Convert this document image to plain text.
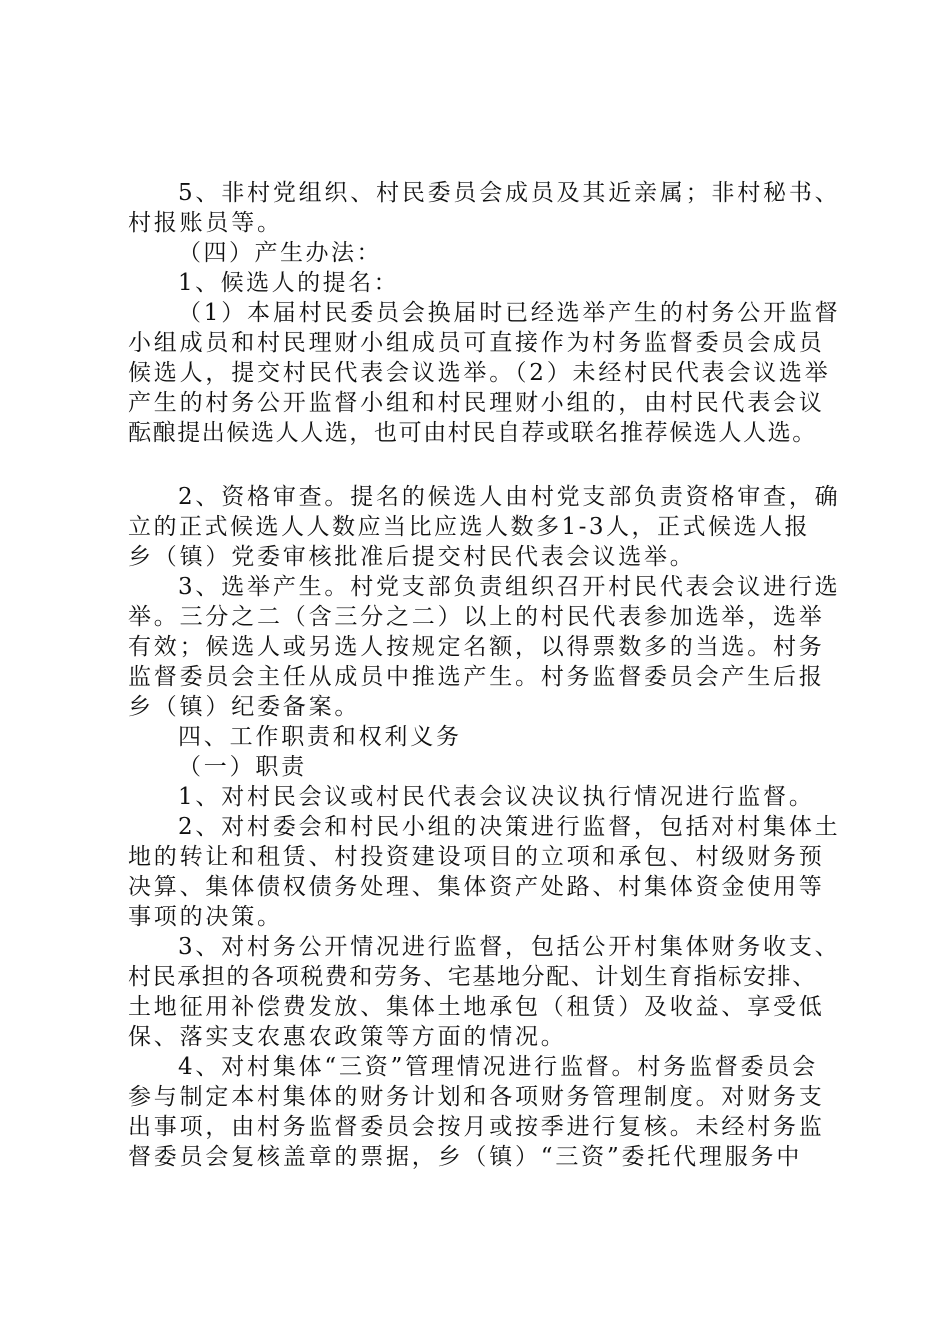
5、非村党组织、村民委员会成员及其近亲属；非村秘书、
村报账员等。
（四）产生办法：
1、候选人的提名：
（1）本届村民委员会换届时已经选举产生的村务公开监督
小组成员和村民理财小组成员可直接作为村务监督委员会成员
候选人，提交村民代表会议选举。（2）未经村民代表会议选举
产生的村务公开监督小组和村民理财小组的，由村民代表会议
酝酿提出候选人人选，也可由村民自荐或联名推荐候选人人选。
2、资格审查。提名的候选人由村党支部负责资格审查，确
立的正式候选人人数应当比应选人数多1-3人，正式候选人报
乡（镇）党委审核批准后提交村民代表会议选举。
3、选举产生。村党支部负责组织召开村民代表会议进行选
举。三分之二（含三分之二）以上的村民代表参加选举，选举
有效；候选人或另选人按规定名额，以得票数多的当选。村务
监督委员会主任从成员中推选产生。村务监督委员会产生后报
乡（镇）纪委备案。
四、工作职责和权利义务
（一）职责
1、对村民会议或村民代表会议决议执行情况进行监督。
2、对村委会和村民小组的决策进行监督，包括对村集体土
地的转让和租赁、村投资建设项目的立项和承包、村级财务预
决算、集体债权债务处理、集体资产处路、村集体资金使用等
事项的决策。
3、对村务公开情况进行监督，包括公开村集体财务收支、
村民承担的各项税费和劳务、宅基地分配、计划生育指标安排、
土地征用补偿费发放、集体土地承包（租赁）及收益、享受低
保、落实支农惠农政策等方面的情况。
4、对村集体“三资”管理情况进行监督。村务监督委员会
参与制定本村集体的财务计划和各项财务管理制度。对财务支
出事项，由村务监督委员会按月或按季进行复核。未经村务监
督委员会复核盖章的票据，乡（镇）“三资”委托代理服务中
